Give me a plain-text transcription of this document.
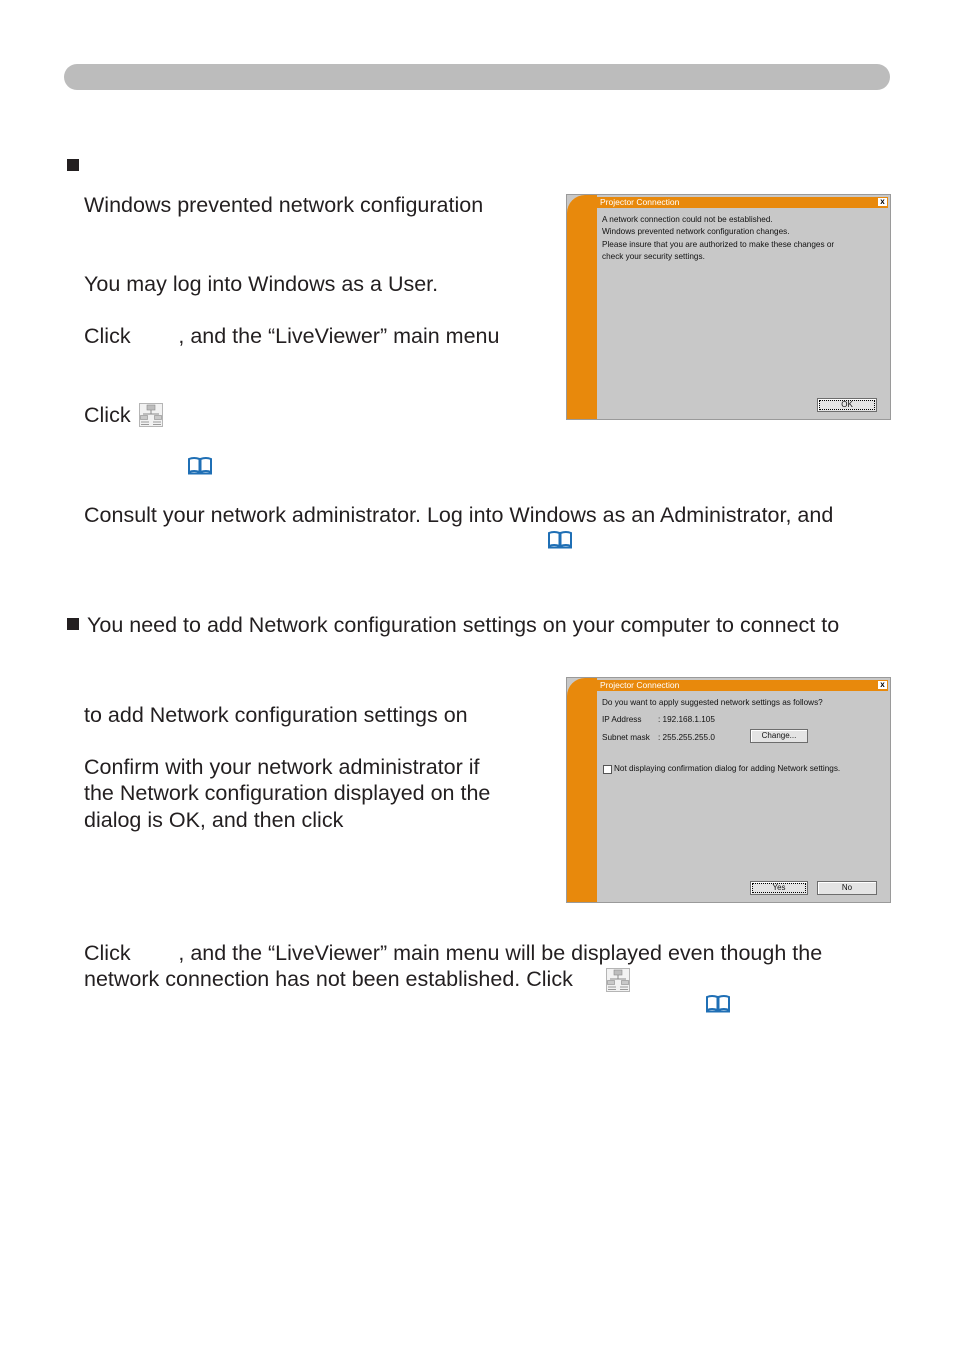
Windows prevented network configuration
You may log into Windows as a User.
Click        , and the “LiveViewer” main menu
Click
Consult your network administrator. Log into Windows as an Administrator, and
Projector Connection	x
A network connection could not be established.
Windows prevented network configuration changes.
Please insure that you are authorized to make these changes or
check your security settings.
OK
You need to add Network configuration settings on your computer to connect to
to add Network configuration settings on
Confirm with your network administrator if
the Network configuration displayed on the
dialog is OK, and then click
Projector Connection	x
Do you want to apply suggested network settings as follows?
IP Address : 192.168.1.105
Subnet mask : 255.255.255.0	Change...
Not displaying confirmation dialog for adding Network settings.
Yes	No
Click        , and the “LiveViewer” main menu will be displayed even though the
network connection has not been established. Click
